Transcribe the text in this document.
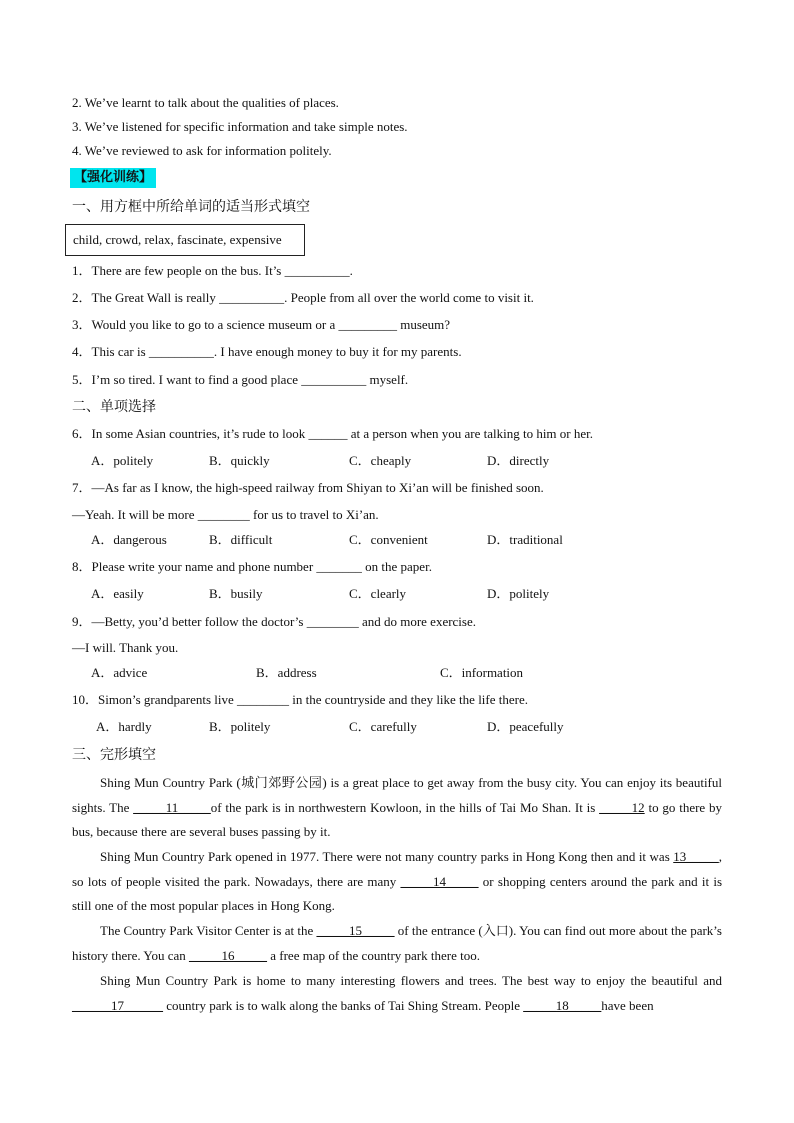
2. We’ve learnt to talk about the qualities of places.
3. We’ve listened for specific information and take simple notes.
4. We’ve reviewed to ask for information politely.
【强化训练】
一、用方框中所给单词的适当形式填空
child, crowd, relax, fascinate, expensive
1．There are few people on the bus. It’s __________.
2．The Great Wall is really __________. People from all over the world come to visit it.
3．Would you like to go to a science museum or a _________ museum?
4．This car is __________. I have enough money to buy it for my parents.
5．I’m so tired. I want to find a good place __________ myself.
二、单项选择
6．In some Asian countries, it’s rude to look ______ at a person when you are talking to him or her.
A．politely	B．quickly	C．cheaply	D．directly
7．—As far as I know, the high-speed railway from Shiyan to Xi’an will be finished soon.
—Yeah. It will be more ________ for us to travel to Xi’an.
A．dangerous	B．difficult	C．convenient	D．traditional
8．Please write your name and phone number _______ on the paper.
A．easily	B．busily	C．clearly	D．politely
9．—Betty, you’d better follow the doctor’s ________ and do more exercise.
—I will. Thank you.
A．advice	B．address	C．information
10．Simon’s grandparents live ________ in the countryside and they like the life there.
A．hardly	B．politely	C．carefully	D．peacefully
三、完形填空
Shing Mun Country Park (城门郊野公园) is a great place to get away from the busy city. You can enjoy its beautiful sights. The _____11_____of the park is in northwestern Kowloon, in the hills of Tai Mo Shan. It is _____12 to go there by bus, because there are several buses passing by it.
Shing Mun Country Park opened in 1977. There were not many country parks in Hong Kong then and it was 13_____, so lots of people visited the park. Nowadays, there are many _____14_____ or shopping centers around the park and it is still one of the most popular places in Hong Kong.
The Country Park Visitor Center is at the _____15_____ of the entrance (入口). You can find out more about the park’s history there. You can _____16_____ a free map of the country park there too.
Shing Mun Country Park is home to many interesting flowers and trees. The best way to enjoy the beautiful and ______17______ country park is to walk along the banks of Tai Shing Stream. People _____18_____have been
